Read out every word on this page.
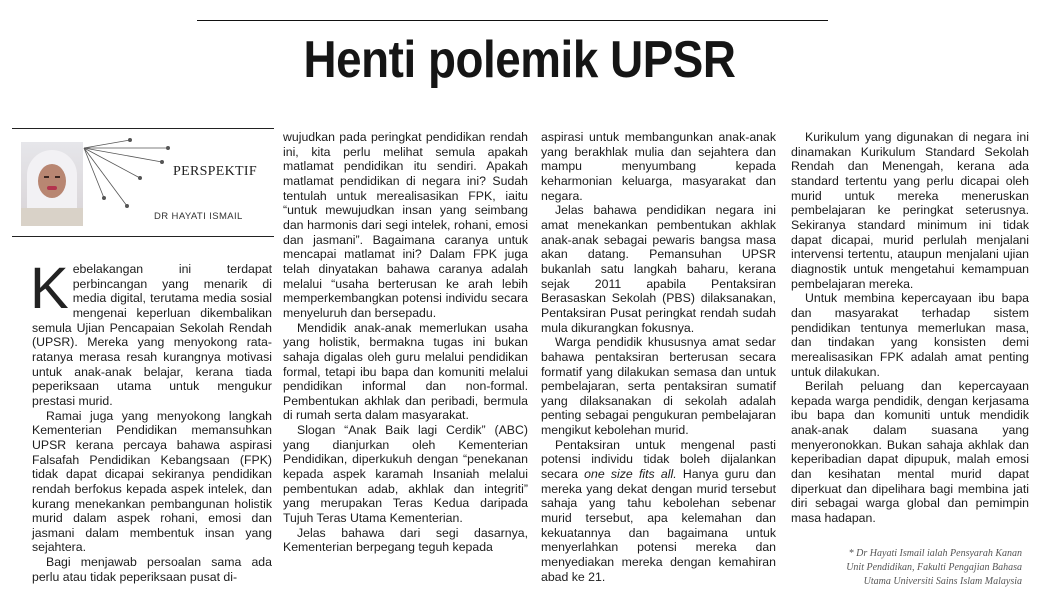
Henti polemik UPSR
PERSPEKTIF
DR HAYATI ISMAIL

Kebelakangan ini terdapat perbincangan yang menarik di media digital, terutama media sosial mengenai keperluan dikembalikan semula Ujian Pencapaian Sekolah Rendah (UPSR). Mereka yang menyokong rata-ratanya merasa resah kurangnya motivasi untuk anak-anak belajar, kerana tiada peperiksaan utama untuk mengukur prestasi murid.

Ramai juga yang menyokong langkah Kementerian Pendidikan memansuhkan UPSR kerana percaya bahawa aspirasi Falsafah Pendidikan Kebangsaan (FPK) tidak dapat dicapai sekiranya pendidikan rendah berfokus kepada aspek intelek, dan kurang menekankan pembangunan holistik murid dalam aspek rohani, emosi dan jasmani dalam membentuk insan yang sejahtera.

Bagi menjawab persoalan sama ada perlu atau tidak peperiksaan pusat di-

wujudkan pada peringkat pendidikan rendah ini, kita perlu melihat semula apakah matlamat pendidikan itu sendiri. Apakah matlamat pendidikan di negara ini? Sudah tentulah untuk merealisasikan FPK, iaitu “untuk mewujudkan insan yang seimbang dan harmonis dari segi intelek, rohani, emosi dan jasmani”. Bagaimana caranya untuk mencapai matlamat ini? Dalam FPK juga telah dinyatakan bahawa caranya adalah melalui “usaha berterusan ke arah lebih memperkembangkan potensi individu secara menyeluruh dan bersepadu.

Mendidik anak-anak memerlukan usaha yang holistik, bermakna tugas ini bukan sahaja digalas oleh guru melalui pendidikan formal, tetapi ibu bapa dan komuniti melalui pendidikan informal dan non-formal. Pembentukan akhlak dan peribadi, bermula di rumah serta dalam masyarakat.

Slogan “Anak Baik lagi Cerdik” (ABC) yang dianjurkan oleh Kementerian Pendidikan, diperkukuh dengan “penekanan kepada aspek karamah Insaniah melalui pembentukan adab, akhlak dan integriti” yang merupakan Teras Kedua daripada Tujuh Teras Utama Kementerian.

Jelas bahawa dari segi dasarnya, Kementerian berpegang teguh kepada

aspirasi untuk membangunkan anak-anak yang berakhlak mulia dan sejahtera dan mampu menyumbang kepada keharmonian keluarga, masyarakat dan negara.

Jelas bahawa pendidikan negara ini amat menekankan pembentukan akhlak anak-anak sebagai pewaris bangsa masa akan datang. Pemansuhan UPSR bukanlah satu langkah baharu, kerana sejak 2011 apabila Pentaksiran Berasaskan Sekolah (PBS) dilaksanakan, Pentaksiran Pusat peringkat rendah sudah mula dikurangkan fokusnya.

Warga pendidik khususnya amat sedar bahawa pentaksiran berterusan secara formatif yang dilakukan semasa dan untuk pembelajaran, serta pentaksiran sumatif yang dilaksanakan di sekolah adalah penting sebagai pengukuran pembelajaran mengikut kebolehan murid.

Pentaksiran untuk mengenal pasti potensi individu tidak boleh dijalankan secara one size fits all. Hanya guru dan mereka yang dekat dengan murid tersebut sahaja yang tahu kebolehan sebenar murid tersebut, apa kelemahan dan kekuatannya dan bagaimana untuk menyerlahkan potensi mereka dan menyediakan mereka dengan kemahiran abad ke 21.

Kurikulum yang digunakan di negara ini dinamakan Kurikulum Standard Sekolah Rendah dan Menengah, kerana ada standard tertentu yang perlu dicapai oleh murid untuk mereka meneruskan pembelajaran ke peringkat seterusnya. Sekiranya standard minimum ini tidak dapat dicapai, murid perlulah menjalani intervensi tertentu, ataupun menjalani ujian diagnostik untuk mengetahui kemampuan pembelajaran mereka.

Untuk membina kepercayaan ibu bapa dan masyarakat terhadap sistem pendidikan tentunya memerlukan masa, dan tindakan yang konsisten demi merealisasikan FPK adalah amat penting untuk dilakukan.

Berilah peluang dan kepercayaan kepada warga pendidik, dengan kerjasama ibu bapa dan komuniti untuk mendidik anak-anak dalam suasana yang menyeronokkan. Bukan sahaja akhlak dan keperibadian dapat dipupuk, malah emosi dan kesihatan mental murid dapat diperkuat dan dipelihara bagi membina jati diri sebagai warga global dan pemimpin masa hadapan.

* Dr Hayati Ismail ialah Pensyarah Kanan
Unit Pendidikan, Fakulti Pengajian Bahasa
Utama Universiti Sains Islam Malaysia
